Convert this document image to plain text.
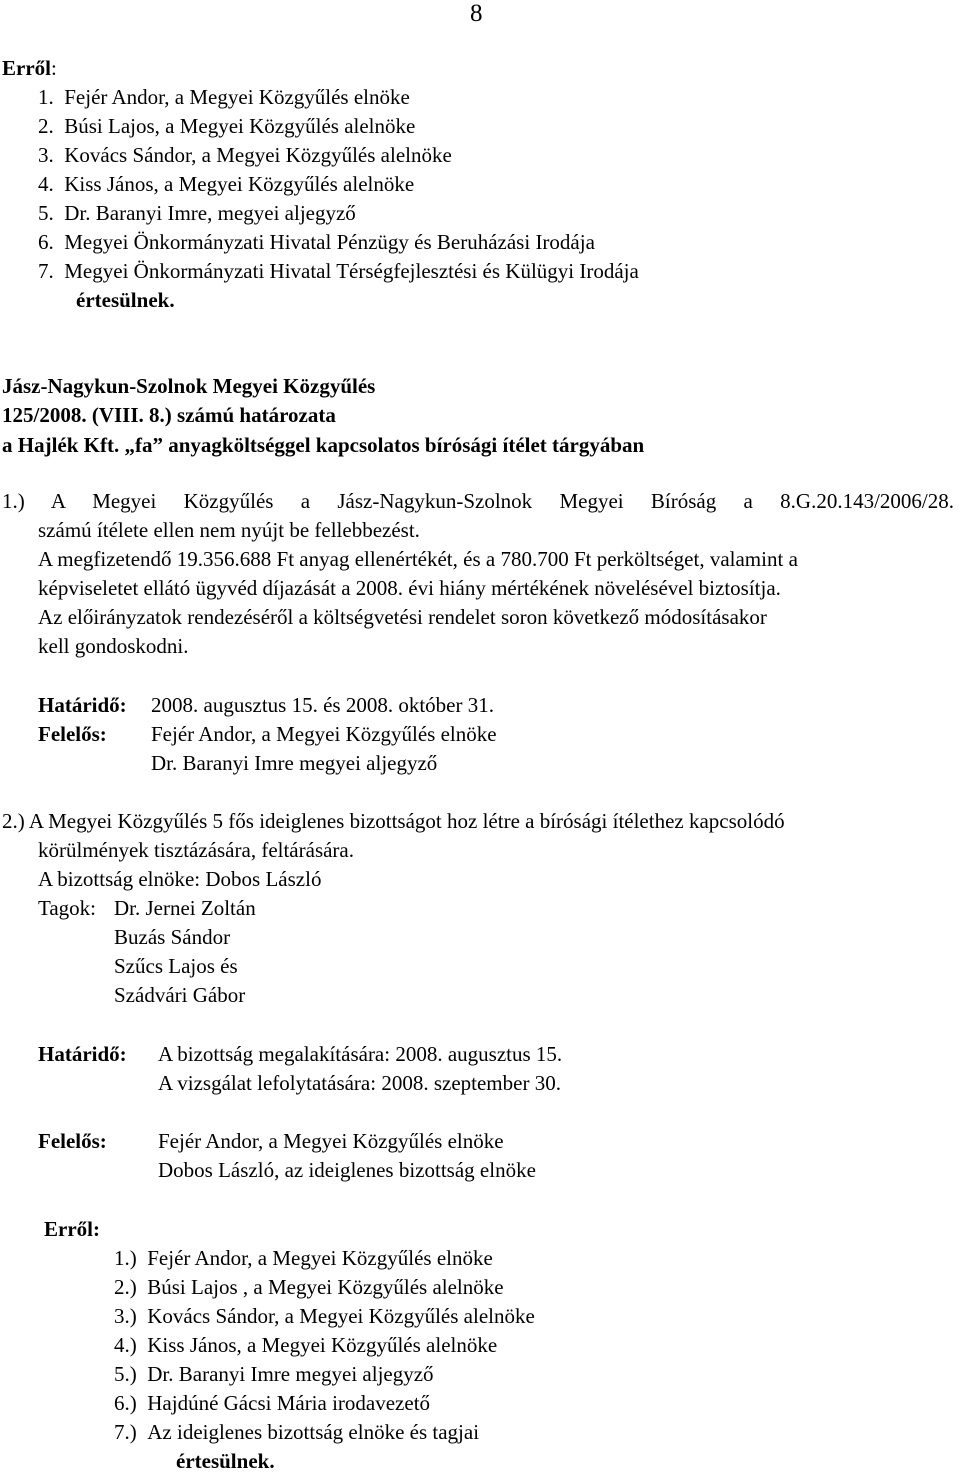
8
Erről:
1.  Fejér Andor, a Megyei Közgyűlés elnöke
2.  Búsi Lajos, a Megyei Közgyűlés alelnöke
3.  Kovács Sándor, a Megyei Közgyűlés alelnöke
4.  Kiss János, a Megyei Közgyűlés alelnöke
5.  Dr. Baranyi Imre, megyei aljegyző
6.  Megyei Önkormányzati Hivatal Pénzügy és Beruházási Irodája
7.  Megyei Önkormányzati Hivatal Térségfejlesztési és Külügyi Irodája
értesülnek.
Jász-Nagykun-Szolnok Megyei Közgyűlés
125/2008. (VIII. 8.) számú határozata
a Hajlék Kft. „fa” anyagköltséggel kapcsolatos bírósági ítélet tárgyában
1.) A Megyei Közgyűlés a Jász-Nagykun-Szolnok Megyei Bíróság a 8.G.20.143/2006/28.
számú ítélete ellen nem nyújt be fellebbezést.
A megfizetendő 19.356.688 Ft anyag ellenértékét, és a 780.700 Ft perköltséget, valamint a
képviseletet ellátó ügyvéd díjazását a 2008. évi hiány mértékének növelésével biztosítja.
Az előirányzatok rendezéséről a költségvetési rendelet soron következő módosításakor
kell gondoskodni.
Határidő: 2008. augusztus 15. és 2008. október 31.
Felelős: Fejér Andor, a Megyei Közgyűlés elnöke
Dr. Baranyi Imre megyei aljegyző
2.) A Megyei Közgyűlés 5 fős ideiglenes bizottságot hoz létre a bírósági ítélethez kapcsolódó
körülmények tisztázására, feltárására.
A bizottság elnöke: Dobos László
Tagok: Dr. Jernei Zoltán
Buzás Sándor
Szűcs Lajos és
Szádvári Gábor
Határidő: A bizottság megalakítására: 2008. augusztus 15.
A vizsgálat lefolytatására: 2008. szeptember 30.
Felelős: Fejér Andor, a Megyei Közgyűlés elnöke
Dobos László, az ideiglenes bizottság elnöke
Erről:
1.)  Fejér Andor, a Megyei Közgyűlés elnöke
2.)  Búsi Lajos , a Megyei Közgyűlés alelnöke
3.)  Kovács Sándor, a Megyei Közgyűlés alelnöke
4.)  Kiss János, a Megyei Közgyűlés alelnöke
5.)  Dr. Baranyi Imre megyei aljegyző
6.)  Hajdúné Gácsi Mária irodavezető
7.)  Az ideiglenes bizottság elnöke és tagjai
értesülnek.
